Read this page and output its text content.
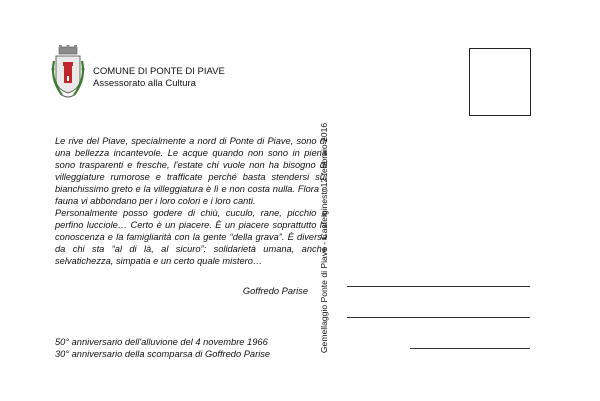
COMUNE DI PONTE DI PIAVE
Assessorato alla Cultura

Le rive del Piave, specialmente a nord di Ponte di Piave, sono di una bellezza incantevole. Le acque quando non sono in piena sono trasparenti e fresche, l'estate chi vuole non ha bisogno di villeggiature rumorose e trafficate perché basta stendersi sul bianchissimo greto e la villeggiatura è lì e non costa nulla. Flora e fauna vi abbondano per i loro colori e i loro canti.

Personalmente posso godere di chiù, cuculo, rane, picchio e perfino lucciole… Certo è un piacere. È un piacere soprattutto la conoscenza e la famigliarità con la gente “della grava”. È diversa da chi sta “al di là, al sicuro”: solidarietà umana, anche selvatichezza, simpatia e un certo quale mistero…

Goffredo Parise
50° anniversario dell'alluvione del 4 novembre 1966
30° anniversario della scomparsa di Goffredo Parise
Gemellaggio Ponte di Piave - Castelginest, 12 febbraio 2016
